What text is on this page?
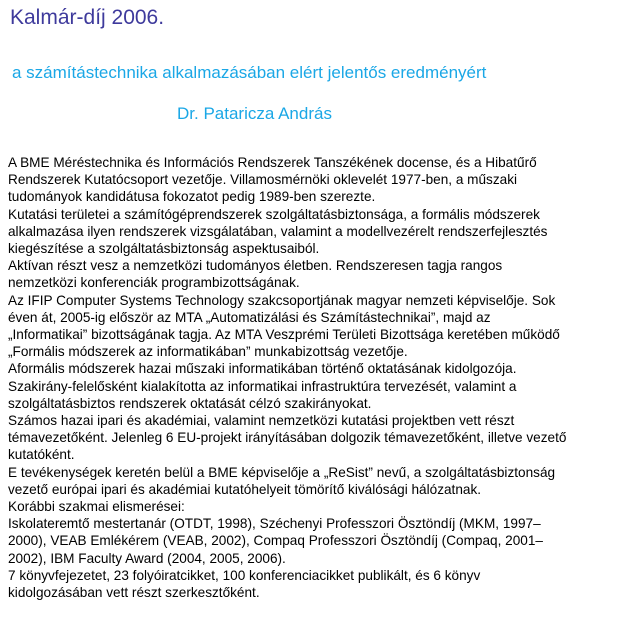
Kalmár-díj 2006.
a számítástechnika alkalmazásában elért jelentős eredményért
Dr. Pataricza András
A BME Méréstechnika és Információs Rendszerek Tanszékének docense, és a Hibatűrő
Rendszerek Kutatócsoport vezetője. Villamosmérnöki oklevelét 1977-ben, a műszaki
tudományok kandidátusa fokozatot pedig 1989-ben szerezte.
Kutatási területei a számítógéprendszerek szolgáltatásbiztonsága, a formális módszerek
alkalmazása ilyen rendszerek vizsgálatában, valamint a modellvezérelt rendszerfejlesztés
kiegészítése a szolgáltatásbiztonság aspektusaiból.
Aktívan részt vesz a nemzetközi tudományos életben. Rendszeresen tagja rangos
nemzetközi konferenciák programbizottságának.
Az IFIP Computer Systems Technology szakcsoportjának magyar nemzeti képviselője. Sok
éven át, 2005-ig először az MTA „Automatizálási és Számítástechnikai”, majd az
„Informatikai” bizottságának tagja. Az MTA Veszprémi Területi Bizottsága keretében működő
„Formális módszerek az informatikában” munkabizottság vezetője.
Aformális módszerek hazai műszaki informatikában történő oktatásának kidolgozója.
Szakirány-felelősként kialakította az informatikai infrastruktúra tervezését, valamint a
szolgáltatásbiztos rendszerek oktatását célzó szakirányokat.
Számos hazai ipari és akadémiai, valamint nemzetközi kutatási projektben vett részt
témavezetőként. Jelenleg 6 EU-projekt irányításában dolgozik témavezetőként, illetve vezető
kutatóként.
E tevékenységek keretén belül a BME képviselője a „ReSist” nevű, a szolgáltatásbiztonság
vezető európai ipari és akadémiai kutatóhelyeit tömörítő kiválósági hálózatnak.
Korábbi szakmai elismerései:
Iskolateremtő mestertanár (OTDT, 1998), Széchenyi Professzori Ösztöndíj (MKM, 1997–
2000), VEAB Emlékérem (VEAB, 2002), Compaq Professzori Ösztöndíj (Compaq, 2001–
2002), IBM Faculty Award (2004, 2005, 2006).
7 könyvfejezetet, 23 folyóiratcikket, 100 konferenciacikket publikált, és 6 könyv
kidolgozásában vett részt szerkesztőként.
